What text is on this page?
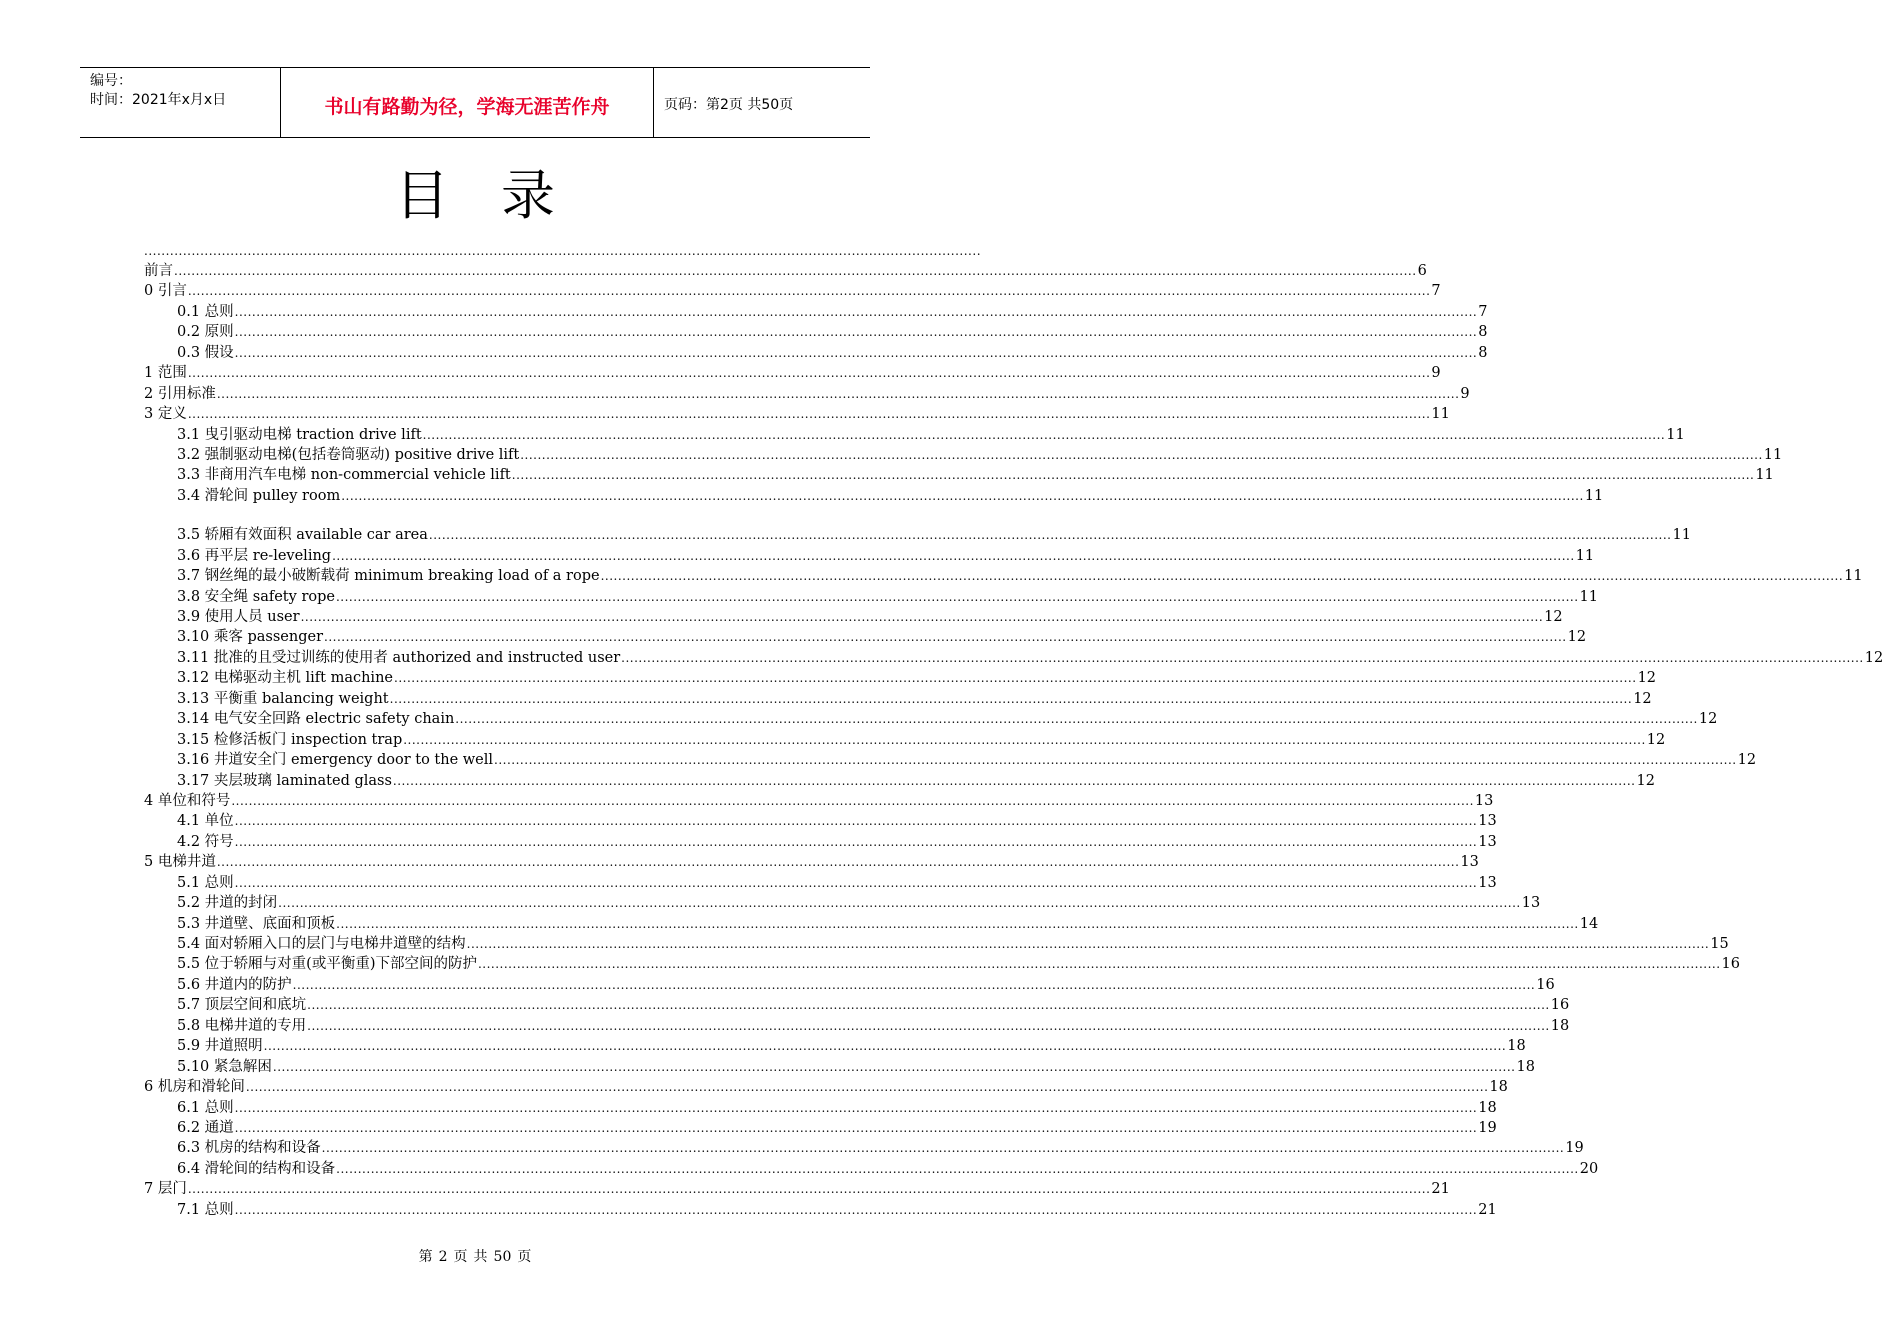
编号：
时间：2021年x月x日	书山有路勤为径，学海无涯苦作舟	页码：第2页 共50页
目录
..................................................................................................................................................................................................
前言 .....	6
0 引言 .....	7
0.1 总则 .....	7
0.2 原则 .....	8
0.3 假设 .....	8
1 范围 .....	9
2 引用标准 .....	9
3 定义 .....	11
3.1 曳引驱动电梯 traction drive lift .....	11
3.2 强制驱动电梯(包括卷筒驱动) positive drive lift .....	11
3.3 非商用汽车电梯 non-commercial vehicle lift .....	11
3.4 滑轮间 pulley room .....	11
3.5 轿厢有效面积 available car area .....	11
3.6 再平层 re-leveling .....	11
3.7 钢丝绳的最小破断载荷 minimum breaking load of a rope .....	11
3.8 安全绳 safety rope .....	11
3.9 使用人员 user .....	12
3.10 乘客 passenger .....	12
3.11 批准的且受过训练的使用者 authorized and instructed user .....	12
3.12 电梯驱动主机 lift machine .....	12
3.13 平衡重 balancing weight .....	12
3.14 电气安全回路 electric safety chain .....	12
3.15 检修活板门 inspection trap .....	12
3.16 井道安全门 emergency door to the well .....	12
3.17 夹层玻璃 laminated glass .....	12
4 单位和符号 .....	13
4.1 单位 .....	13
4.2 符号 .....	13
5 电梯井道 .....	13
5.1 总则 .....	13
5.2 井道的封闭 .....	13
5.3 井道壁、底面和顶板 .....	14
5.4 面对轿厢入口的层门与电梯井道壁的结构 .....	15
5.5 位于轿厢与对重(或平衡重)下部空间的防护 .....	16
5.6 井道内的防护 .....	16
5.7 顶层空间和底坑 .....	16
5.8 电梯井道的专用 .....	18
5.9 井道照明 .....	18
5.10 紧急解困 .....	18
6 机房和滑轮间 .....	18
6.1 总则 .....	18
6.2 通道 .....	19
6.3 机房的结构和设备 .....	19
6.4 滑轮间的结构和设备 .....	20
7 层门 .....	21
7.1 总则 .....	21
第 2 页 共 50 页
